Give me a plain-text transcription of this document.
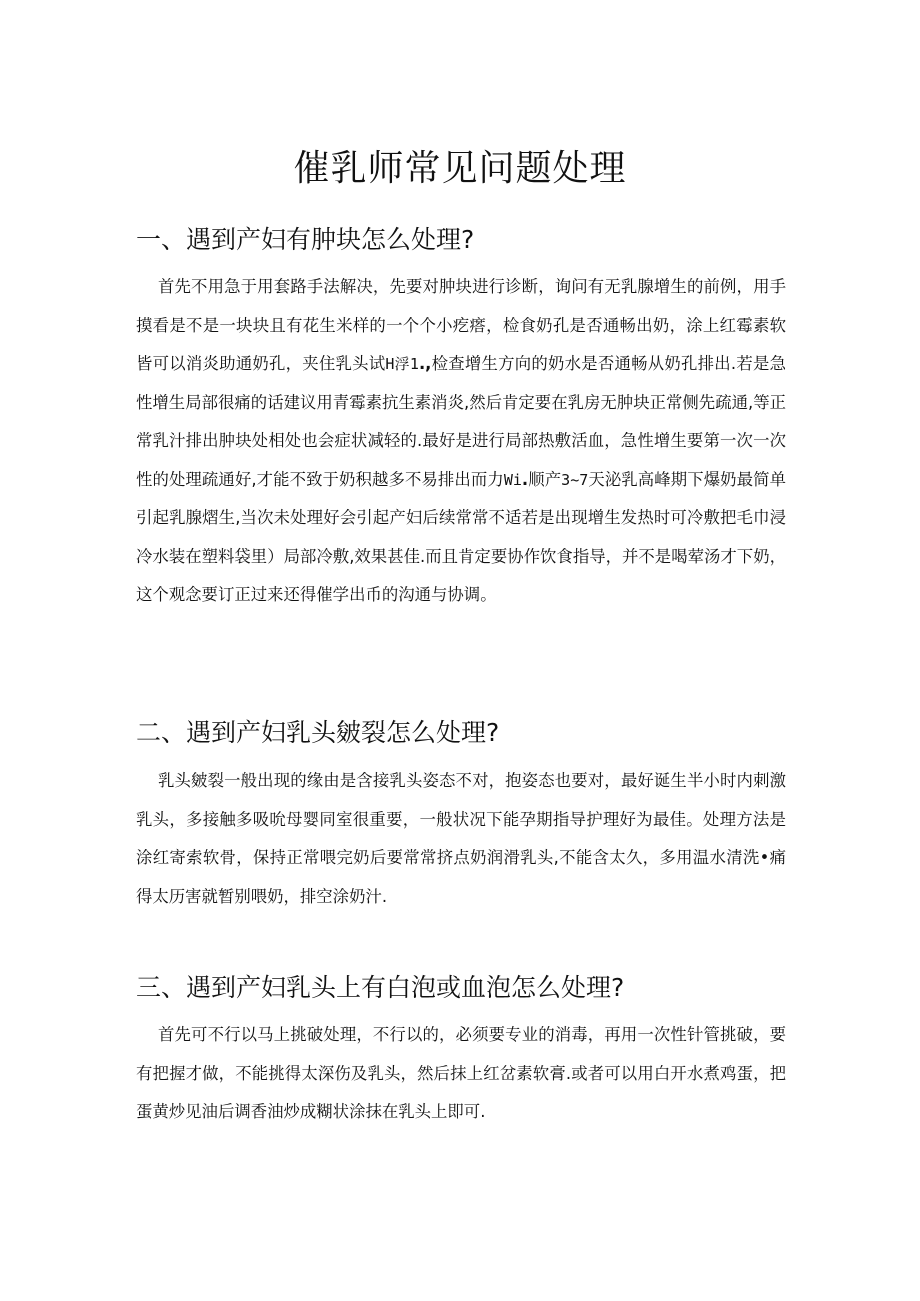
催乳师常见问题处理
一、遇到产妇有肿块怎么处理?

首先不用急于用套路手法解决，先要对肿块进行诊断，询问有无乳腺增生的前例，用手摸看是不是一块块且有花生米样的一个个小疙瘩，检食奶孔是否通畅出奶，涂上红霉素软皆可以消炎助通奶孔，夹住乳头试H浮1.,检查增生方向的奶水是否通畅从奶孔排出.若是急性增生局部很痛的话建议用青霉素抗生素消炎,然后肯定要在乳房无肿块正常侧先疏通,等正常乳汁排出肿块处相处也会症状减轻的.最好是进行局部热敷活血，急性增生要第一次一次性的处理疏通好,才能不致于奶积越多不易排出而力Wi.顺产3~7天泌乳高峰期下爆奶最简单引起乳腺熠生,当次未处理好会引起产妇后续常常不适若是出现增生发热时可冷敷把毛巾浸冷水装在塑料袋里）局部冷敷,效果甚佳.而且肯定要协作饮食指导，并不是喝荤汤才下奶，这个观念要订正过来还得催学出币的沟通与协调。

二、遇到产妇乳头皴裂怎么处理?

乳头皴裂一般出现的缘由是含接乳头姿态不对，抱姿态也要对，最好诞生半小时内刺激乳头，多接触多吸吮母婴同室很重要，一般状况下能孕期指导护理好为最佳。处理方法是涂红寄索软骨，保持正常喂完奶后要常常挤点奶润滑乳头,不能含太久，多用温水清洗•痛得太历害就暂别喂奶，排空涂奶汁.

三、遇到产妇乳头上有白泡或血泡怎么处理?

首先可不行以马上挑破处理，不行以的，必须要专业的消毒，再用一次性针管挑破，要有把握才做，不能挑得太深伤及乳头，然后抹上红岔素软膏.或者可以用白开水煮鸡蛋，把蛋黄炒见油后调香油炒成糊状涂抹在乳头上即可.
